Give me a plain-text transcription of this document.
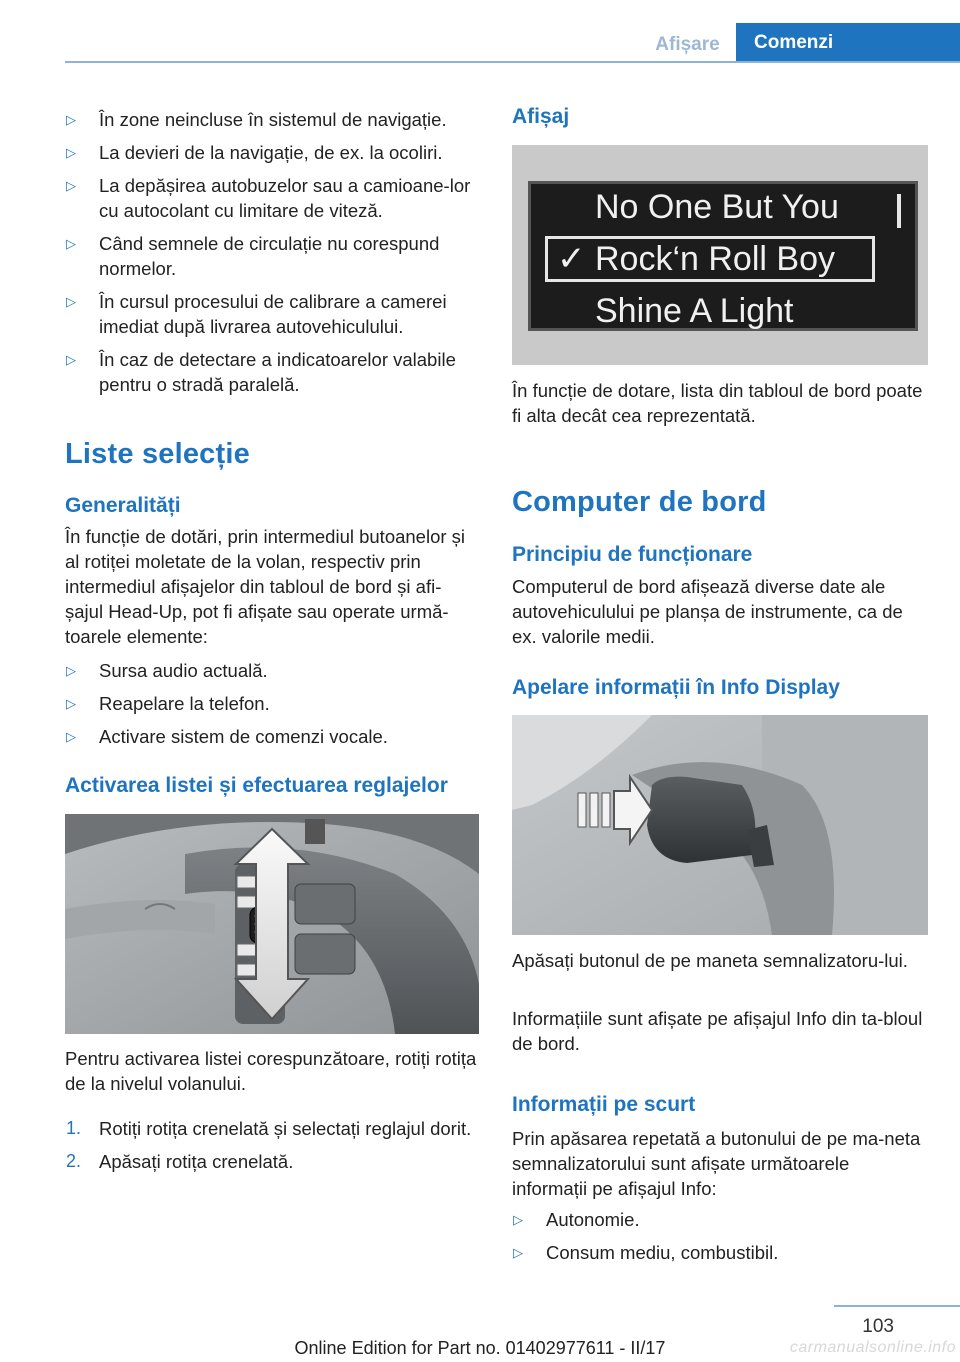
Afișare	Comenzi
▷ În zone neincluse în sistemul de navigație.
▷ La devieri de la navigație, de ex. la ocoliri.
▷ La depășirea autobuzelor sau a camioane-lor cu autocolant cu limitare de viteză.
▷ Când semnele de circulație nu corespund normelor.
▷ În cursul procesului de calibrare a camerei imediat după livrarea autovehiculului.
▷ În caz de detectare a indicatoarelor valabile pentru o stradă paralelă.
Liste selecție
Generalități

În funcție de dotări, prin intermediul butoanelor și al rotiței moletate de la volan, respectiv prin intermediul afișajelor din tabloul de bord și afi-șajul Head-Up, pot fi afișate sau operate urmă-toarele elemente:

▷ Sursa audio actuală.
▷ Reapelare la telefon.
▷ Activare sistem de comenzi vocale.
Activarea listei și efectuarea reglajelor

Pentru activarea listei corespunzătoare, rotiți rotița de la nivelul volanului.

1. Rotiți rotița crenelată și selectați reglajul dorit.
2. Apăsați rotița crenelată.
Afișaj
No One But You
✓ Rock‘n Roll Boy
Shine A Light

În funcție de dotare, lista din tabloul de bord poate fi alta decât cea reprezentată.

Computer de bord
Principiu de funcționare

Computerul de bord afișează diverse date ale autovehiculului pe planșa de instrumente, ca de ex. valorile medii.

Apelare informații în Info Display

Apăsați butonul de pe maneta semnalizatoru-lui.

Informațiile sunt afișate pe afișajul Info din ta-bloul de bord.

Informații pe scurt

Prin apăsarea repetată a butonului de pe ma-neta semnalizatorului sunt afișate următoarele informații pe afișajul Info:

▷ Autonomie.
▷ Consum mediu, combustibil.
103
Online Edition for Part no. 01402977611 - II/17	carmanualsonline.info
